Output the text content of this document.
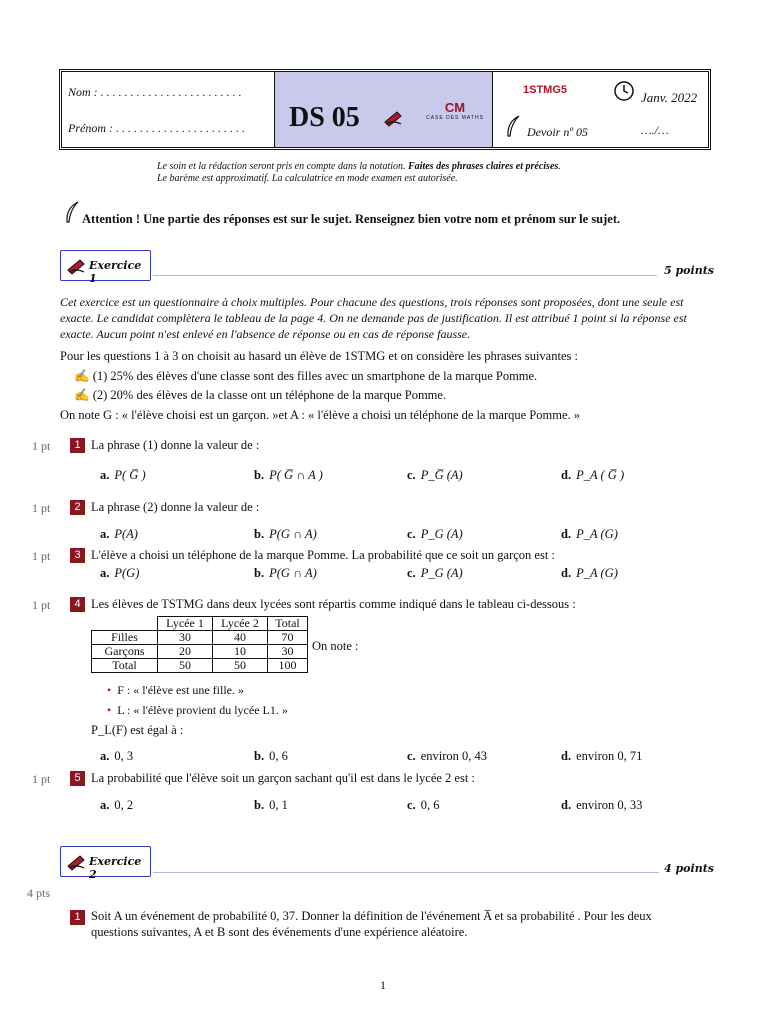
Nom : . . . . . . . . . . . . . . . . . . . . . . . .
Prénom : . . . . . . . . . . . . . . . . . . . . . . DS 05	CM
CASE DES MATHS
1STMG5	Janv. 2022
Devoir nº 05	…./…
Le soin et la rédaction seront pris en compte dans la notation. Faites des phrases claires et précises.
Le barème est approximatif. La calculatrice en mode examen est autorisée.
Attention ! Une partie des réponses est sur le sujet. Renseignez bien votre nom et prénom sur le sujet.
Exercice 1
5 points
Cet exercice est un questionnaire à choix multiples. Pour chacune des questions, trois réponses sont proposées, dont une seule est exacte. Le candidat complètera le tableau de la page 4. On ne demande pas de justification. Il est attribué 1 point si la réponse est exacte. Aucun point n'est enlevé en l'absence de réponse ou en cas de réponse fausse.
Pour les questions 1 à 3 on choisit au hasard un élève de 1STMG et on considère les phrases suivantes :
✍ (1) 25% des élèves d'une classe sont des filles avec un smartphone de la marque Pomme.
✍ (2) 20% des élèves de la classe ont un téléphone de la marque Pomme.
On note G : « l'élève choisi est un garçon. »et A : « l'élève a choisi un téléphone de la marque Pomme. »
1 pt	1 La phrase (1) donne la valeur de :
a. P( G̅ )	b. P( G̅ ∩ A )	c. P_G̅ (A)	d. P_A ( G̅ )
1 pt	2 La phrase (2) donne la valeur de :
a. P(A)	b. P(G ∩ A)	c. P_G (A)	d. P_A (G)
1 pt	3 L'élève a choisi un téléphone de la marque Pomme. La probabilité que ce soit un garçon est :
a. P(G)	b. P(G ∩ A)	c. P_G (A)	d. P_A (G)
1 pt	4 Les élèves de TSTMG dans deux lycées sont répartis comme indiqué dans le tableau ci-dessous :
	Lycée 1	Lycée 2	Total
Filles	30	40	70
Garçons	20	10	30
Total	50	50	100
On note :
• F : « l'élève est une fille. »
• L : « l'élève provient du lycée L1. »
P_L(F) est égal à :
a. 0, 3	b. 0, 6	c. environ 0, 43	d. environ 0, 71
1 pt	5 La probabilité que l'élève soit un garçon sachant qu'il est dans le lycée 2 est :
a. 0, 2	b. 0, 1	c. 0, 6	d. environ 0, 33
Exercice 2	4 points
4 pts
1 Soit A un événement de probabilité 0, 37. Donner la définition de l'événement A̅ et sa probabilité . Pour les deux
questions suivantes, A et B sont des événements d'une expérience aléatoire.
1
